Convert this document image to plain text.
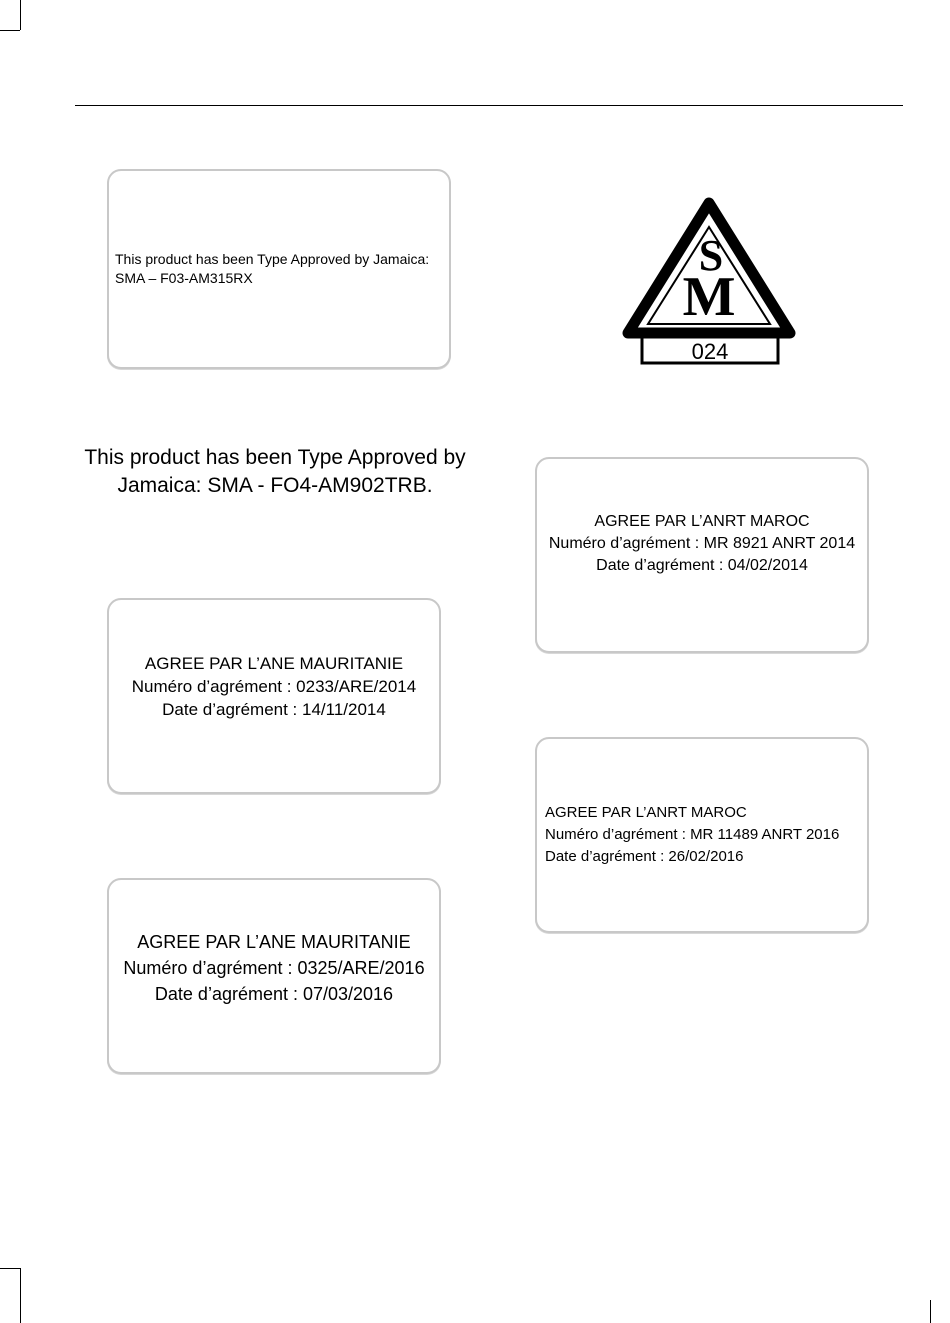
This product has been Type Approved by Jamaica:
SMA – F03-AM315RX	S
M
024
This product has been Type Approved by
Jamaica: SMA - FO4-AM902TRB.
AGREE PAR L’ANRT MAROC
Numéro d’agrément : MR 8921 ANRT 2014
Date d’agrément : 04/02/2014
AGREE PAR L’ANE MAURITANIE
Numéro d’agrément : 0233/ARE/2014
Date d’agrément : 14/11/2014
AGREE PAR L’ANRT MAROC
Numéro d’agrément : MR 11489 ANRT 2016
Date d’agrément : 26/02/2016
AGREE PAR L’ANE MAURITANIE
Numéro d’agrément : 0325/ARE/2016
Date d’agrément : 07/03/2016
